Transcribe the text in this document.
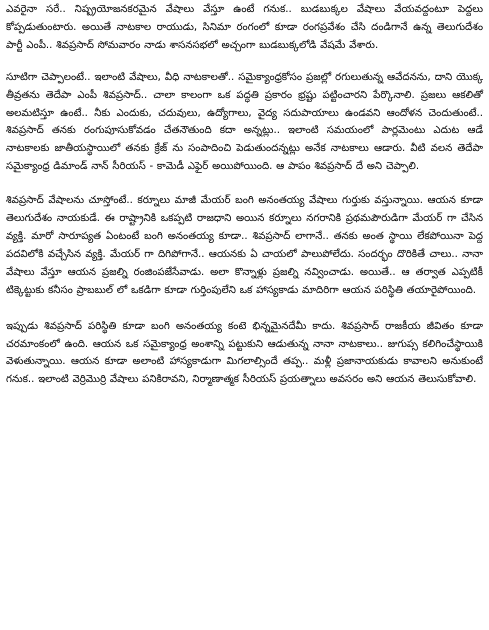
ఎవరైనా సరే.. నిష్ప్రయోజనకరమైన వేషాలు వేస్తూ ఉంటే గనుక.. బుడబుక్కల వేషాలు వేయవద్దంటూ పెద్దలు కోప్పడుతుంటారు. అయితే నాటకాల రాయుడు, సినిమా రంగంలో కూడా రంగప్రవేశం చేసి దండిగానే ఉన్న తెలుగుదేశం పార్టీ ఎంపీ.. శివప్రసాద్ సోమవారం నాడు శాసనసభలో అచ్చంగా బుడబుక్కలోడి వేషమే వేశారు.

సూటిగా చెప్పాలంటే.. ఇలాంటి వేషాలు, వీధి నాటకాలతో.. సమైక్యాంధ్రకోసం ప్రజల్లో రగులుతున్న ఆవేదనను, దాని యొక్క తీవ్రతను తెదేపా ఎంపీ శివప్రసాద్.. చాలా కాలంగా ఒక పద్ధతి ప్రకారం భ్రష్టు పట్టించారని పేర్కొనాలి. ప్రజలు ఆకలితో అలమటిస్తూ ఉంటే.. నీకు ఎందుకు, చదువులు, ఉద్యోగాలు, వైద్య సదుపాయాలు ఉండవని ఆందోళన చెందుతుంటే.. శివప్రసాద్ తనకు రంగుపూసుకోవడం చేతనౌతుంది కదా అన్నట్లు.. ఇలాంటి సమయంలో పార్లమెంటు ఎదుట ఆడే నాటకాలకు జాతీయస్థాయిలో తనకు క్రేజ్ ను సంపాదించి పెడుతుందన్నట్లు అనేక నాటకాలు ఆడారు. వీటి వలన తెదేపా సమైక్యాంధ్ర డిమాండ్ నాన్ సీరియస్ - కామెడీ ఎఫైర్ అయిపోయింది. ఆ పాపం శివప్రసాద్ దే అని చెప్పాలి.

శివప్రసాద్ వేషాలను చూస్తోంటే.. కర్నూలు మాజీ మేయర్ బంగి అనంతయ్య వేషాలు గుర్తుకు వస్తున్నాయి. ఆయన కూడా తెలుగుదేశం నాయకుడే. ఈ రాష్ట్రానికి ఒకప్పటి రాజధాని అయిన కర్నూలు నగరానికి ప్రథమపౌరుడిగా మేయర్ గా చేసిన వ్యక్తి. మారో సారూప్యత ఏంటంటే బంగి అనంతయ్య కూడా.. శివప్రసాద్ లాగానే.. తనకు అంత స్థాయి లేకపోయినా పెద్ద పదవిలోకి వచ్చేసిన వ్యక్తి. మేయర్ గా దిగిపోగానే.. ఆయనకు ఏ చాయలో పాలుపోలేదు. సందర్భం దొరికితే చాలు.. నానా వేషాలు వేస్తూ ఆయన ప్రజల్ని రంజింపజేసేవాడు. అలా కొన్నాళ్లు ప్రజల్ని నవ్వించాడు. అయితే.. ఆ తర్వాత ఎప్పటికీ టిక్కెట్టుకు కనీసం ప్రాబబుల్ లో ఒకడిగా కూడా గుర్తింపులేని ఒక హాస్యకాడు మాదిరిగా ఆయన పరిస్థితి తయారైపోయింది.

ఇప్పుడు శివప్రసాద్ పరిస్థితి కూడా బంగి అనంతయ్య కంటె భిన్నమైనదేమీ కాదు. శివప్రసాద్ రాజకీయ జీవితం కూడా చరమాంకంలో ఉంది. ఆయన ఒక సమైక్యాంధ్ర అంశాన్ని పట్టుకుని ఆడుతున్న నానా నాటకాలు.. జుగుప్స కలిగించేస్థాయికి వెళుతున్నాయి. ఆయన కూడా అలాంటి హాస్యకాడుగా మిగలాల్సిందే తప్ప.. మళ్లీ ప్రజానాయకుడు కావాలని అనుకుంటే గనుక.. ఇలాంటి వెర్రిమొర్రి వేషాలు పనికిరావని, నిర్మాణాత్మక సీరియస్ ప్రయత్నాలు అవసరం అని ఆయన తెలుసుకోవాలి.
